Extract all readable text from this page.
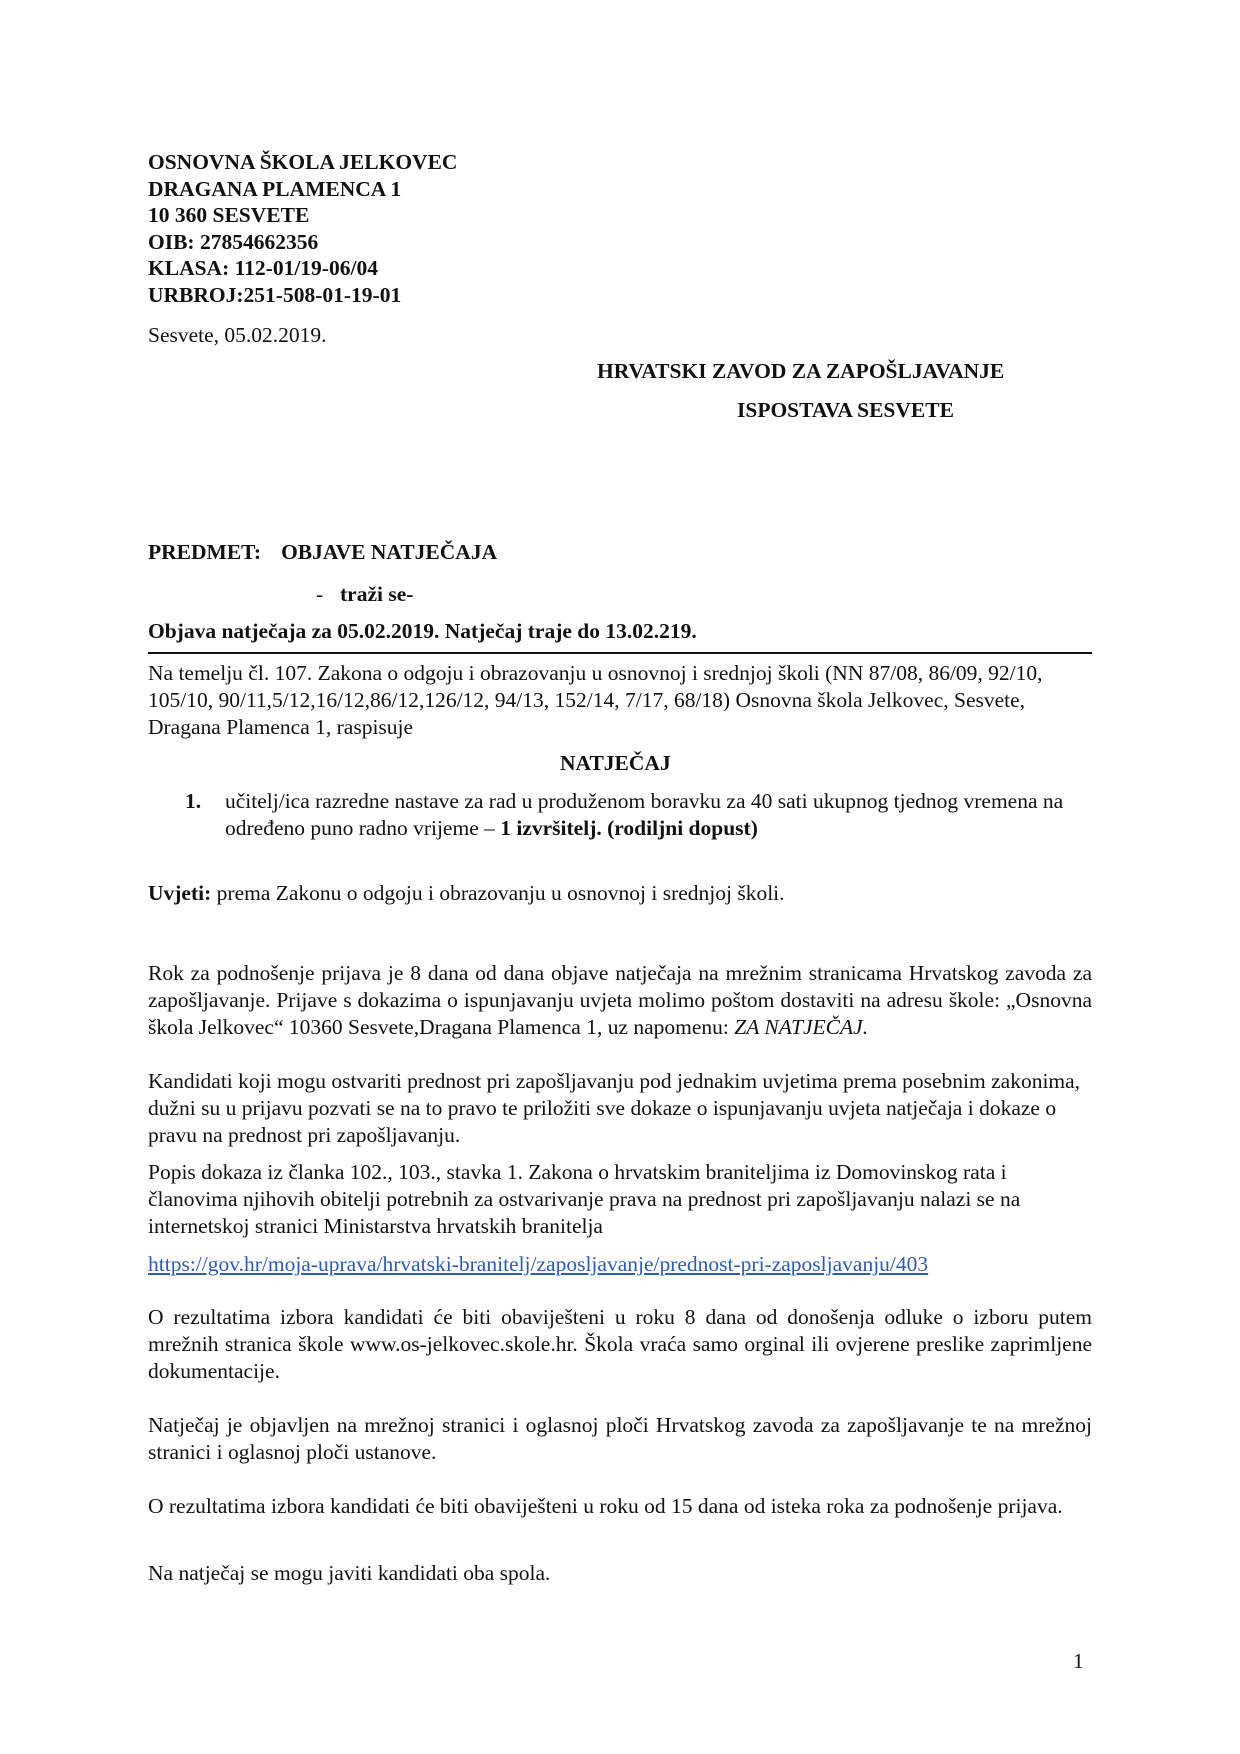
OSNOVNA ŠKOLA JELKOVEC
DRAGANA PLAMENCA 1
10 360 SESVETE
OIB: 27854662356
KLASA: 112-01/19-06/04
URBROJ:251-508-01-19-01
Sesvete, 05.02.2019.
HRVATSKI ZAVOD ZA ZAPOŠLJAVANJE
ISPOSTAVA SESVETE
PREDMET: OBJAVE NATJEČAJA
- traži se-
Objava natječaja za 05.02.2019. Natječaj traje do 13.02.219.
Na temelju čl. 107. Zakona o odgoju i obrazovanju u osnovnoj i srednjoj školi (NN 87/08, 86/09, 92/10, 105/10, 90/11,5/12,16/12,86/12,126/12, 94/13, 152/14, 7/17, 68/18) Osnovna škola Jelkovec, Sesvete, Dragana Plamenca 1, raspisuje
NATJEČAJ
1. učitelj/ica razredne nastave za rad u produženom boravku za 40 sati ukupnog tjednog vremena na određeno puno radno vrijeme – 1 izvršitelj. (rodiljni dopust)
Uvjeti: prema Zakonu o odgoju i obrazovanju u osnovnoj i srednjoj školi.
Rok za podnošenje prijava je 8 dana od dana objave natječaja na mrežnim stranicama Hrvatskog zavoda za zapošljavanje. Prijave s dokazima o ispunjavanju uvjeta molimo poštom dostaviti na adresu škole: „Osnovna škola Jelkovec“ 10360 Sesvete,Dragana Plamenca 1, uz napomenu: ZA NATJEČAJ.
Kandidati koji mogu ostvariti prednost pri zapošljavanju pod jednakim uvjetima prema posebnim zakonima, dužni su u prijavu pozvati se na to pravo te priložiti sve dokaze o ispunjavanju uvjeta natječaja i dokaze o pravu na prednost pri zapošljavanju.
Popis dokaza iz članka 102., 103., stavka 1. Zakona o hrvatskim braniteljima iz Domovinskog rata i članovima njihovih obitelji potrebnih za ostvarivanje prava na prednost pri zapošljavanju nalazi se na internetskoj stranici Ministarstva hrvatskih branitelja
https://gov.hr/moja-uprava/hrvatski-branitelj/zaposljavanje/prednost-pri-zaposljavanju/403
O rezultatima izbora kandidati će biti obaviješteni u roku 8 dana od donošenja odluke o izboru putem mrežnih stranica škole www.os-jelkovec.skole.hr. Škola vraća samo orginal ili ovjerene preslike zaprimljene dokumentacije.
Natječaj je objavljen na mrežnoj stranici i oglasnoj ploči Hrvatskog zavoda za zapošljavanje te na mrežnoj stranici i oglasnoj ploči ustanove.
O rezultatima izbora kandidati će biti obaviješteni u roku od 15 dana od isteka roka za podnošenje prijava.
Na natječaj se mogu javiti kandidati oba spola.
1
